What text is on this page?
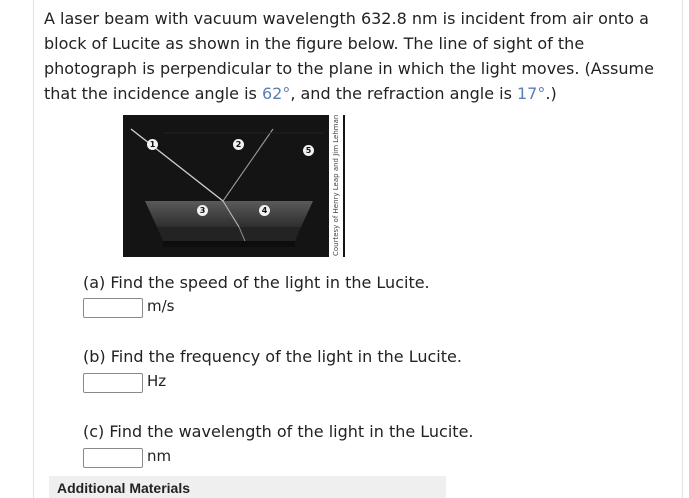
A laser beam with vacuum wavelength 632.8 nm is incident from air onto a block of Lucite as shown in the figure below. The line of sight of the photograph is perpendicular to the plane in which the light moves. (Assume that the incidence angle is 62°, and the refraction angle is 17°.)

1	2
3	4
5	Courtesy of Henry Leap and Jim Lehman

(a) Find the speed of the light in the Lucite.

m/s

(b) Find the frequency of the light in the Lucite.

Hz

(c) Find the wavelength of the light in the Lucite.

nm
Additional Materials
